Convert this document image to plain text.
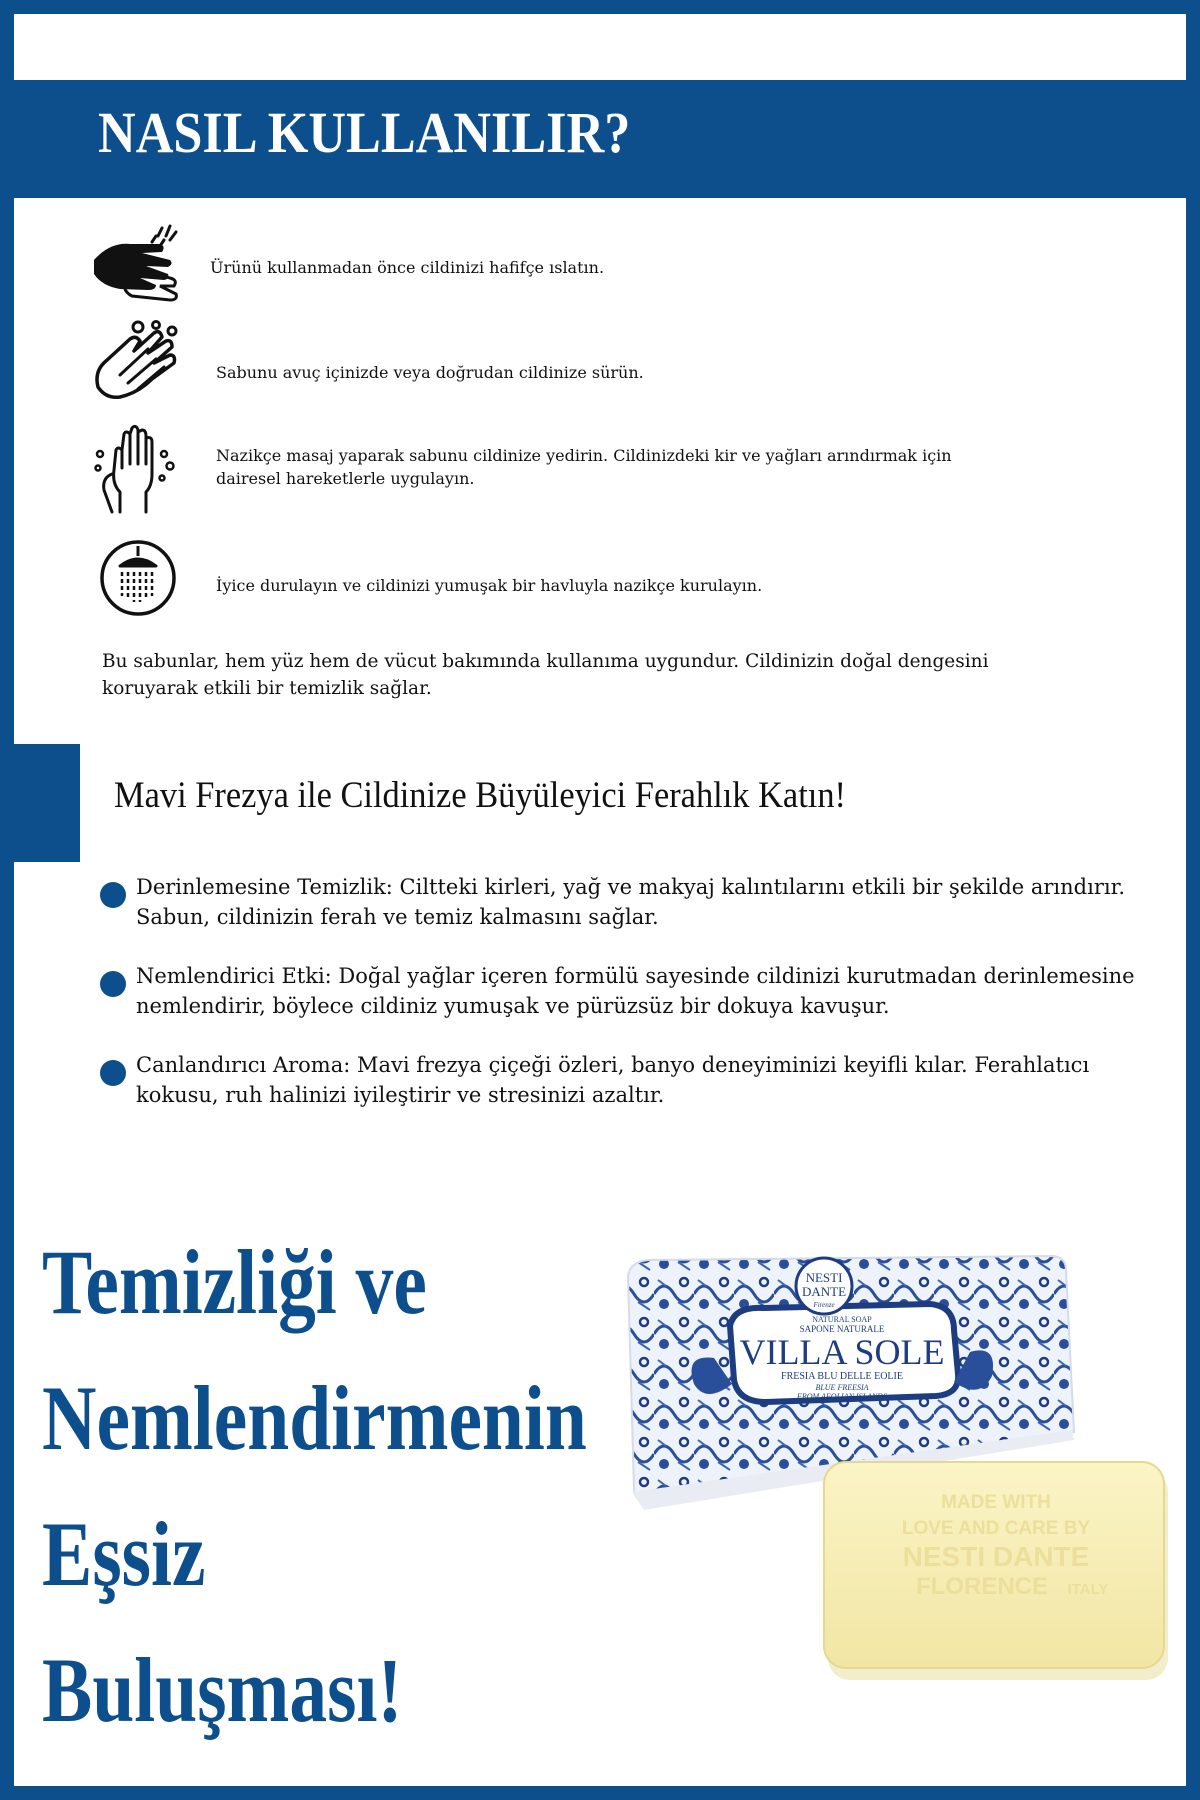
NASIL KULLANILIR?

Ürünü kullanmadan önce cildinizi hafifçe ıslatın.

Sabunu avuç içinizde veya doğrudan cildinize sürün.

Nazikçe masaj yaparak sabunu cildinize yedirin. Cildinizdeki kir ve yağları arındırmak için dairesel hareketlerle uygulayın.

İyice durulayın ve cildinizi yumuşak bir havluyla nazikçe kurulayın.

Bu sabunlar, hem yüz hem de vücut bakımında kullanıma uygundur. Cildinizin doğal dengesini koruyarak etkili bir temizlik sağlar.

Mavi Frezya ile Cildinize Büyüleyici Ferahlık Katın!

Derinlemesine Temizlik: Ciltteki kirleri, yağ ve makyaj kalıntılarını etkili bir şekilde arındırır. Sabun, cildinizin ferah ve temiz kalmasını sağlar.

Nemlendirici Etki: Doğal yağlar içeren formülü sayesinde cildinizi kurutmadan derinlemesine nemlendirir, böylece cildiniz yumuşak ve pürüzsüz bir dokuya kavuşur.

Canlandırıcı Aroma: Mavi frezya çiçeği özleri, banyo deneyiminizi keyifli kılar. Ferahlatıcı kokusu, ruh halinizi iyileştirir ve stresinizi azaltır.

Temizliği ve
Nemlendirmenin
Eşsiz
Buluşması!
NESTI
DANTE
Firenze
NATURAL SOAP
SAPONE NATURALE
VILLA SOLE
FRESIA BLU DELLE EOLIE
BLUE FREESIA
FROM AEOLIAN ISLANDS
MADE WITH
LOVE AND CARE BY
NESTI DANTE
FLORENCE ITALY
